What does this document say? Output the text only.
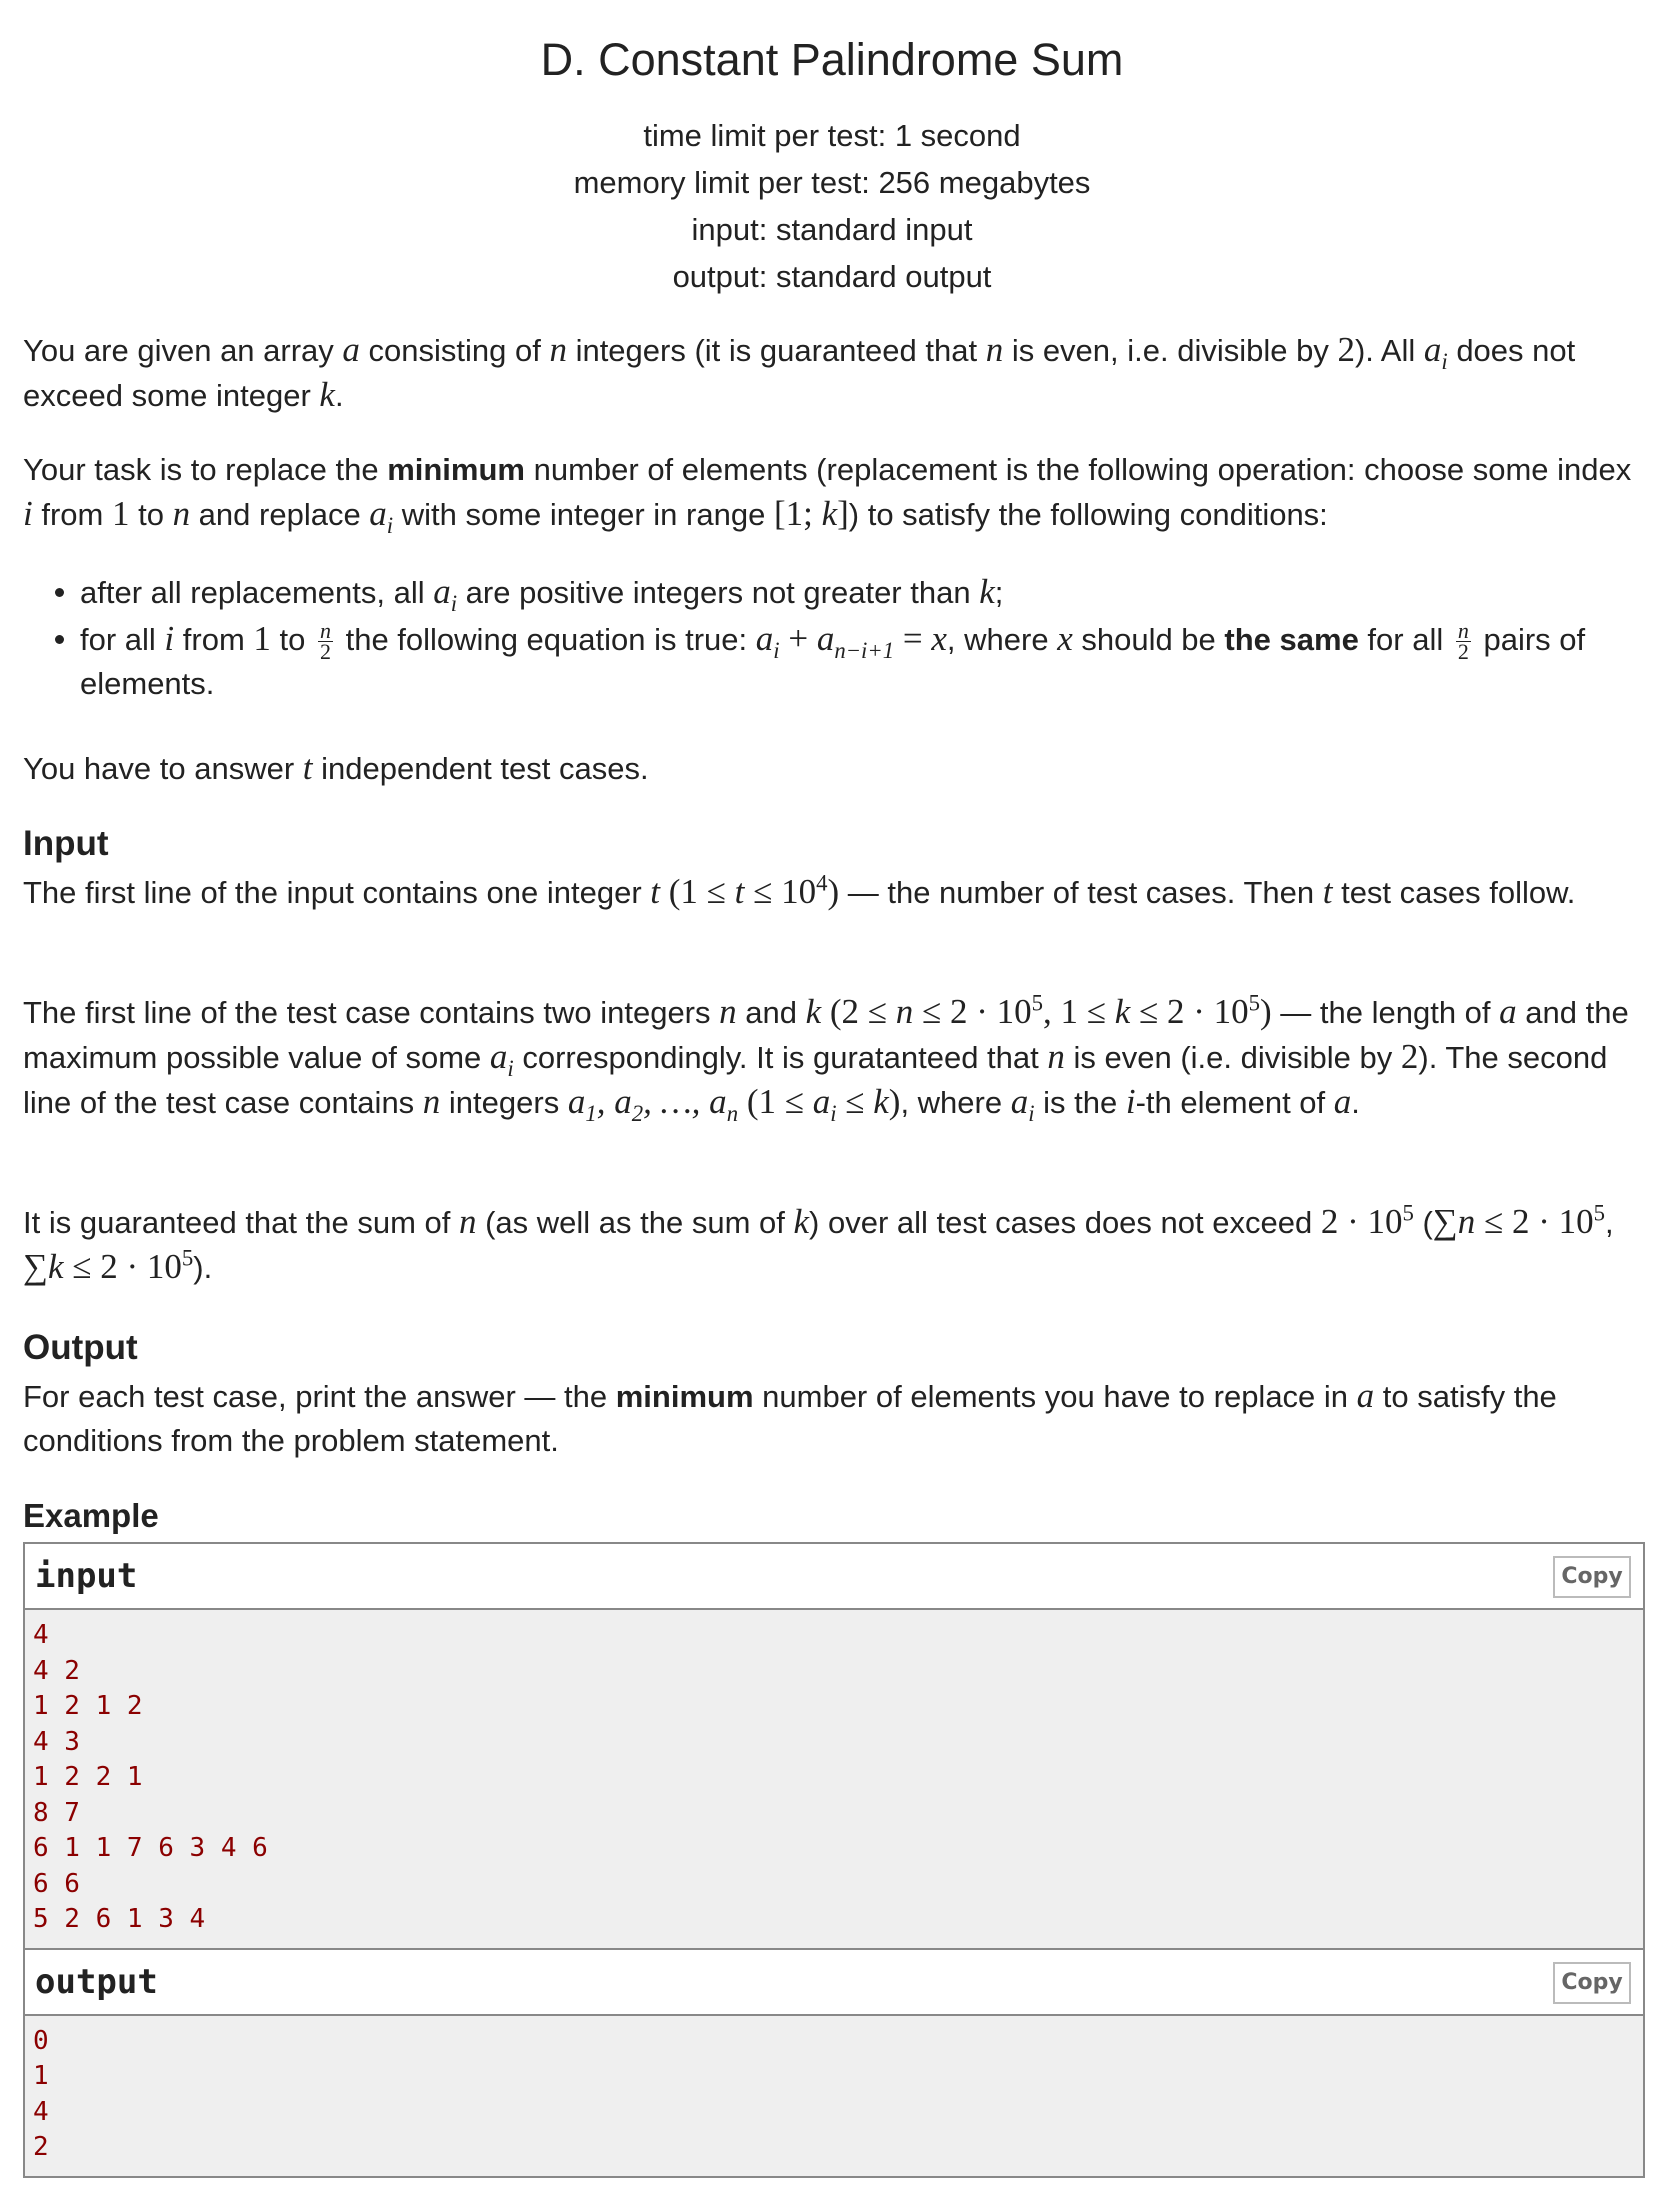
D. Constant Palindrome Sum
time limit per test: 1 second
memory limit per test: 256 megabytes
input: standard input
output: standard output

You are given an array a consisting of n integers (it is guaranteed that n is even, i.e. divisible by 2). All $a_i$ does not exceed some integer k.

Your task is to replace the minimum number of elements (replacement is the following operation: choose some index i from 1 to n and replace $a_i$ with some integer in range [1; k]) to satisfy the following conditions:

after all replacements, all $a_i$ are positive integers not greater than k;
for all i from 1 to $\frac{n}{2}$ the following equation is true: $a_i + a_{n-i+1} = x$, where x should be the same for all $\frac{n}{2}$ pairs of elements.

You have to answer t independent test cases.

Input

The first line of the input contains one integer t $(1 \le t \le 10^4)$ — the number of test cases. Then t test cases follow.

The first line of the test case contains two integers n and k ($2 \le n \le 2 \cdot 10^5$, $1 \le k \le 2 \cdot 10^5$) — the length of a and the maximum possible value of some $a_i$ correspondingly. It is guratanteed that n is even (i.e. divisible by 2). The second line of the test case contains n integers $a_1$, $a_2$, …, $a_n$ $(1 \le a_i \le k)$, where $a_i$ is the i-th element of a.

It is guaranteed that the sum of n (as well as the sum of k) over all test cases does not exceed $2 \cdot 10^5$ ($\sum n \le 2 \cdot 10^5$, $\sum k \le 2 \cdot 10^5$).

Output

For each test case, print the answer — the minimum number of elements you have to replace in a to satisfy the conditions from the problem statement.

Example
input	Copy
4
4 2
1 2 1 2
4 3
1 2 2 1
8 7
6 1 1 7 6 3 4 6
6 6
5 2 6 1 3 4
output	Copy
0
1
4
2
